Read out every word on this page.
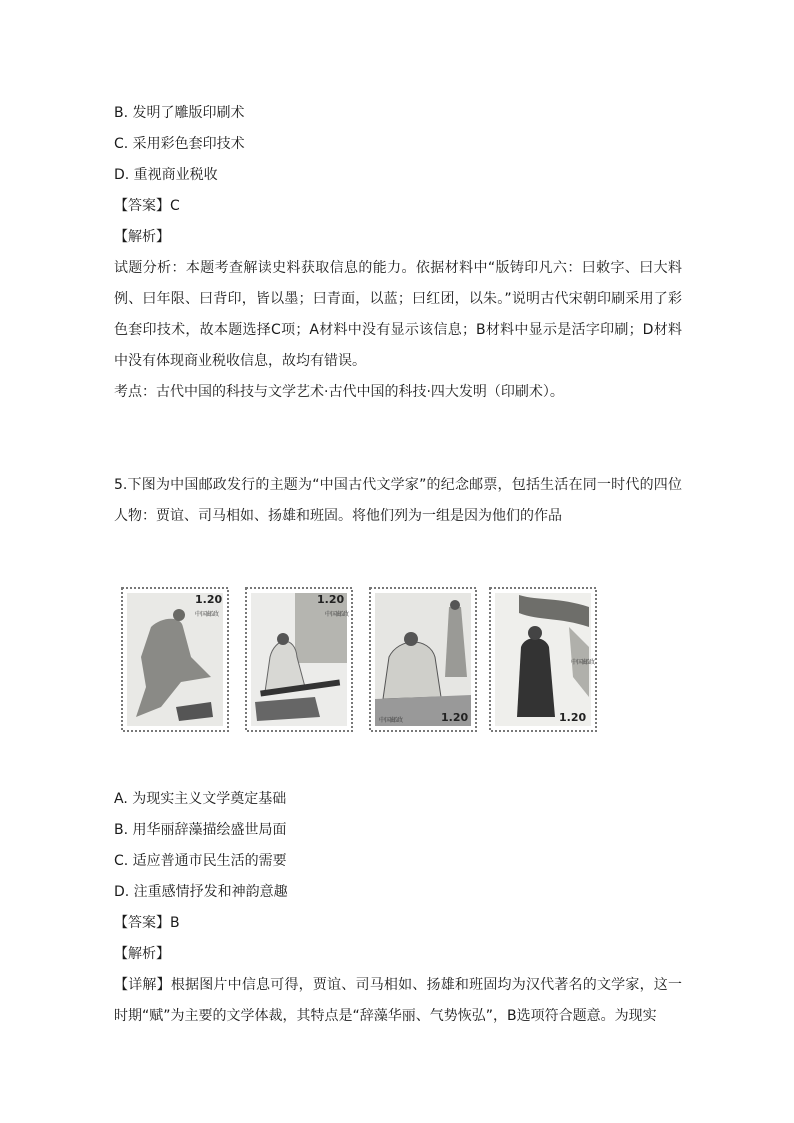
B. 发明了雕版印刷术
C. 采用彩色套印技术
D. 重视商业税收
【答案】C
【解析】
试题分析：本题考查解读史料获取信息的能力。依据材料中“版铸印凡六：曰敕字、曰大料例、曰年限、曰背印，皆以墨；曰青面，以蓝；曰红团，以朱。”说明古代宋朝印刷采用了彩色套印技术，故本题选择C项；A材料中没有显示该信息；B材料中显示是活字印刷；D材料中没有体现商业税收信息，故均有错误。
考点：古代中国的科技与文学艺术·古代中国的科技·四大发明（印刷术）。
5.下图为中国邮政发行的主题为“中国古代文学家”的纪念邮票，包括生活在同一时代的四位人物：贾谊、司马相如、扬雄和班固。将他们列为一组是因为他们的作品
1.20
中国邮政
1.20
中国邮政
中国邮政	1.20
中国邮政
1.20
A. 为现实主义文学奠定基础
B. 用华丽辞藻描绘盛世局面
C. 适应普通市民生活的需要
D. 注重感情抒发和神韵意趣
【答案】B
【解析】
【详解】根据图片中信息可得，贾谊、司马相如、扬雄和班固均为汉代著名的文学家，这一时期“赋”为主要的文学体裁，其特点是“辞藻华丽、气势恢弘”，B选项符合题意。为现实
